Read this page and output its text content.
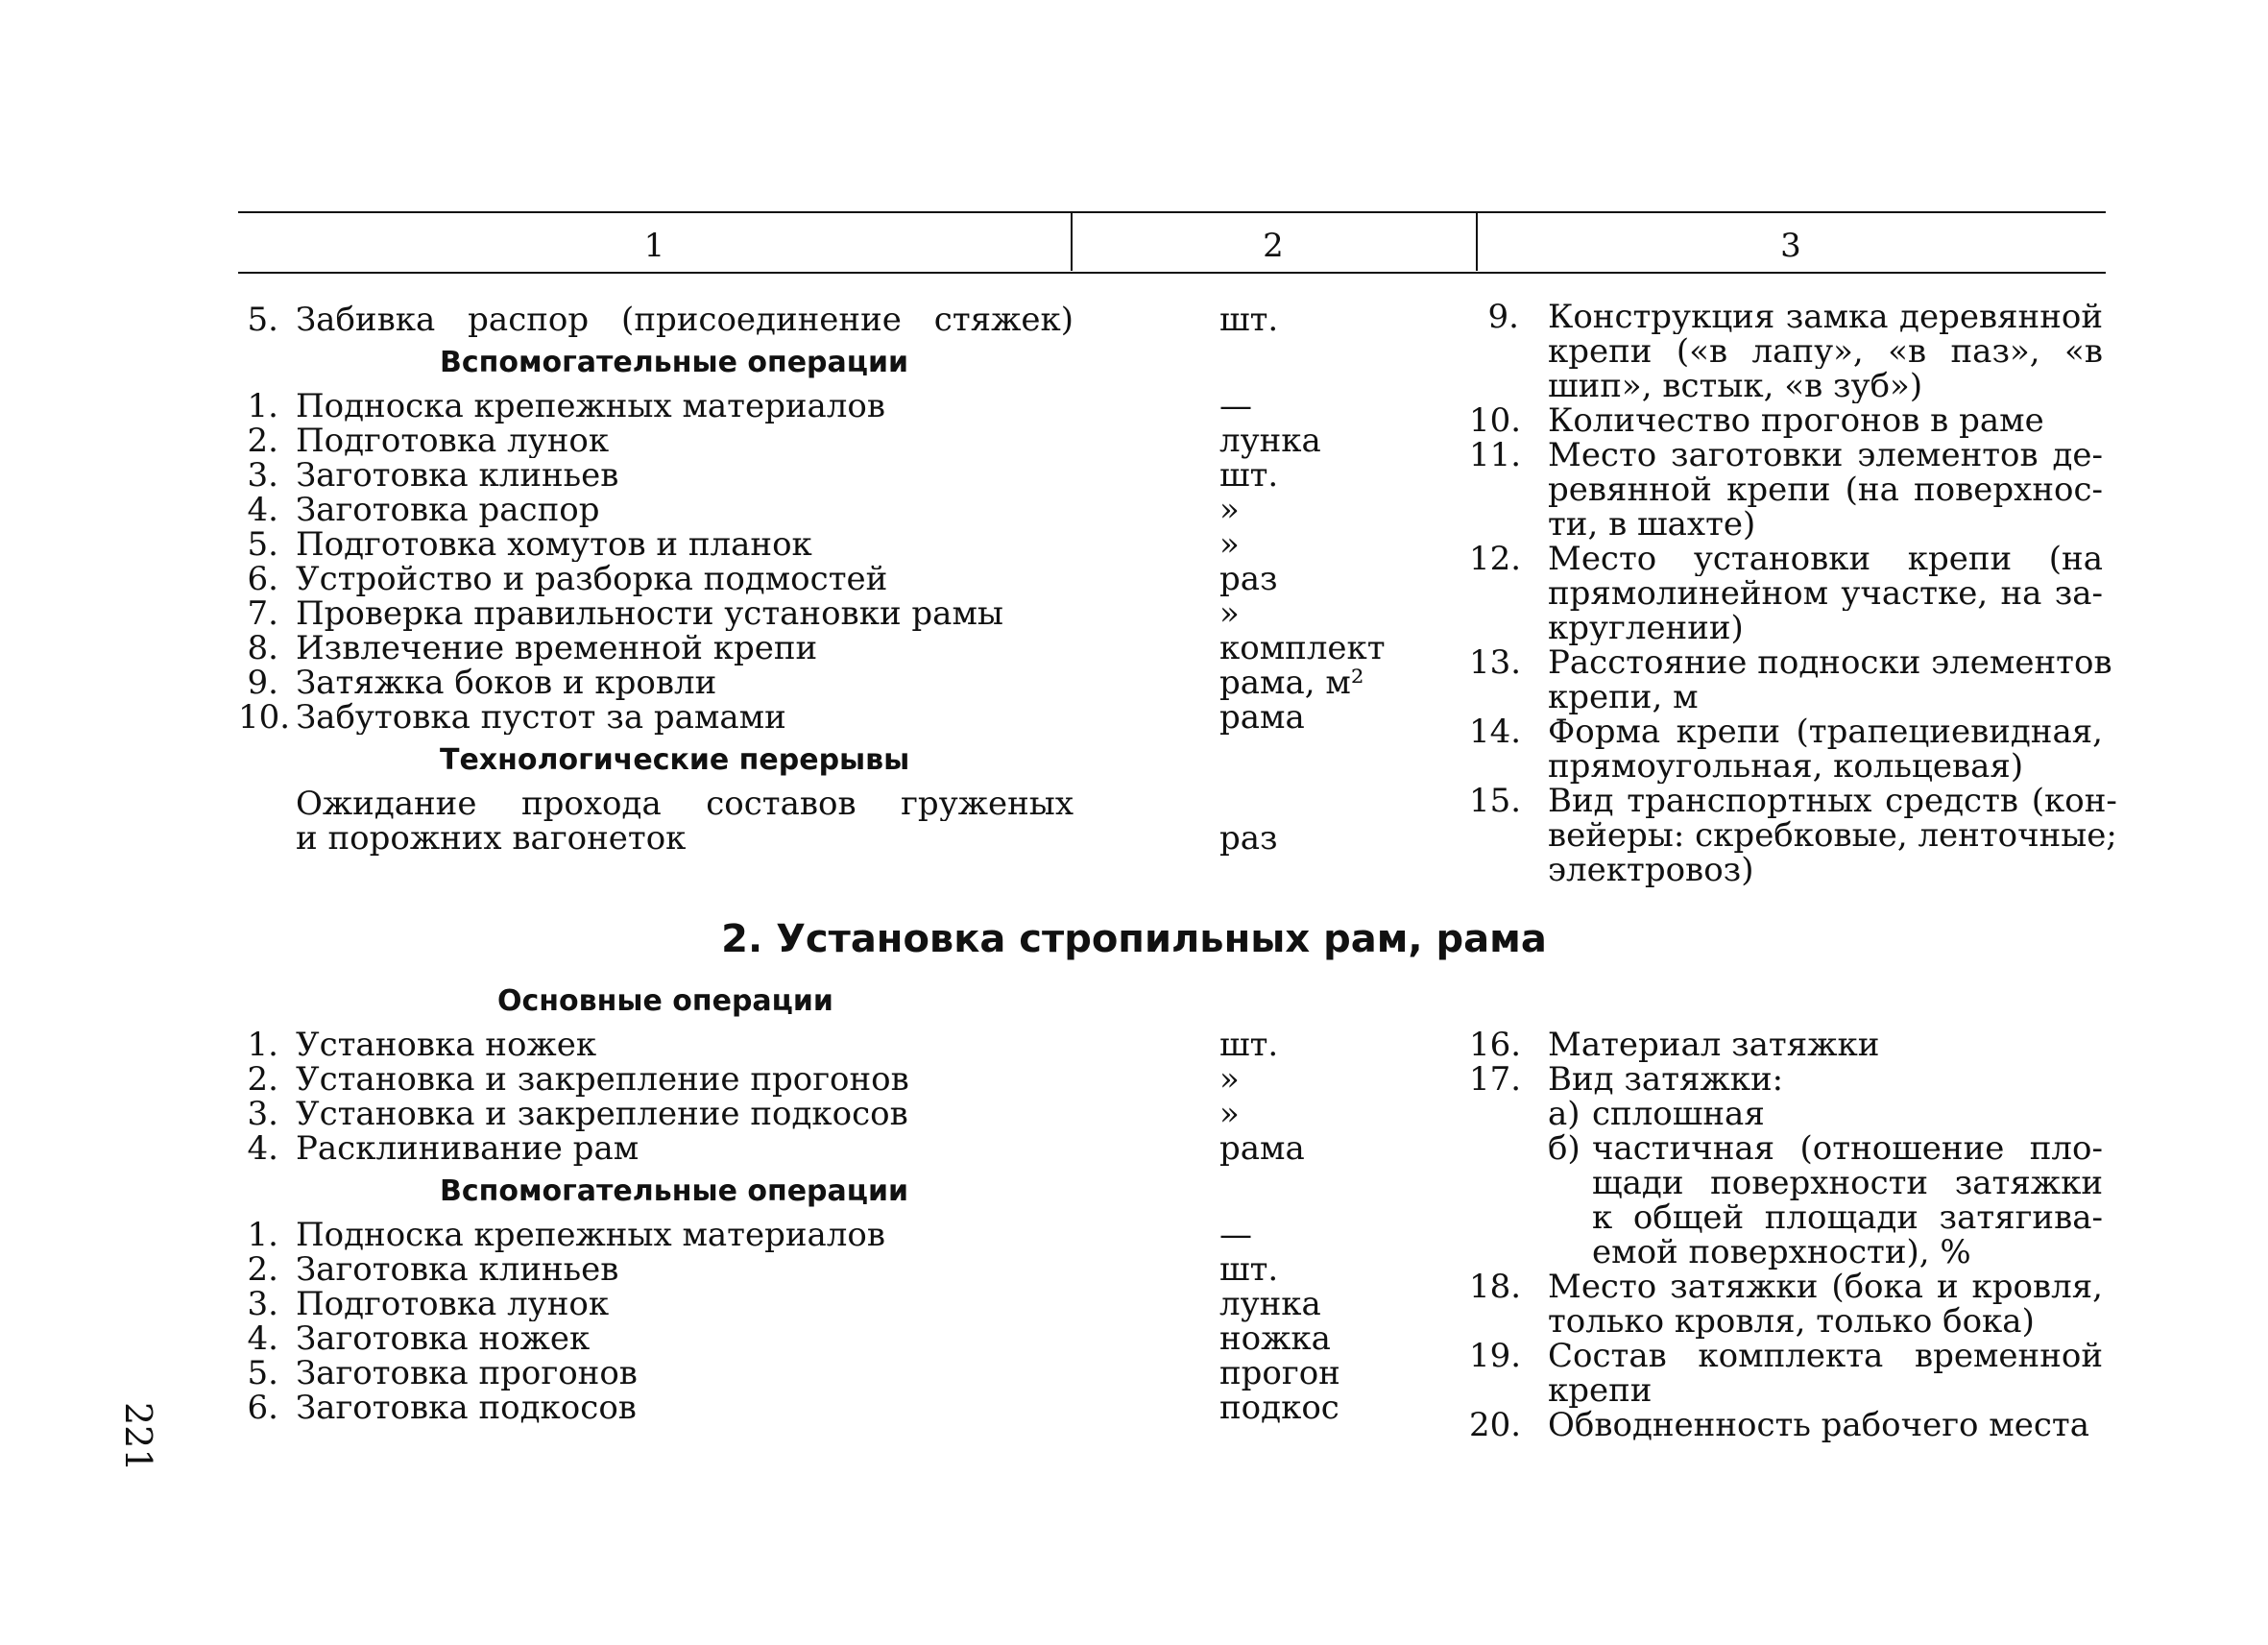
1	2	3
5. Забивка распор (присоединение стяжек)
Вспомогательные операции
1. Подноска крепежных материалов
2. Подготовка лунок
3. Заготовка клиньев
4. Заготовка распор
5. Подготовка хомутов и планок
6. Устройство и разборка подмостей
7. Проверка правильности установки рамы
8. Извлечение временной крепи
9. Затяжка боков и кровли
10. Забутовка пустот за рамами
Технологические перерывы
Ожидание прохода составов груженых
и порожних вагонеток
шт.
—
лунка
шт.
»
»
раз
»
комплект
рама, м²
рама
раз
9. Конструкция замка деревянной
крепи («в лапу», «в паз», «в
шип», встык, «в зуб»)
10. Количество прогонов в раме
11. Место заготовки элементов де-
ревянной крепи (на поверхнос-
ти, в шахте)
12. Место установки крепи (на
прямолинейном участке, на за-
круглении)
13. Расстояние подноски элементов
крепи, м
14. Форма крепи (трапециевидная,
прямоугольная, кольцевая)
15. Вид транспортных средств (кон-
вейеры: скребковые, ленточные;
электровоз)
2. Установка стропильных рам, рама
Основные операции
1. Установка ножек
2. Установка и закрепление прогонов
3. Установка и закрепление подкосов
4. Расклинивание рам
Вспомогательные операции
1. Подноска крепежных материалов
2. Заготовка клиньев
3. Подготовка лунок
4. Заготовка ножек
5. Заготовка прогонов
6. Заготовка подкосов
шт.
»
»
рама
—
шт.
лунка
ножка
прогон
подкос
16. Материал затяжки
17. Вид затяжки:
а) сплошная
б) частичная (отношение пло-
щади поверхности затяжки
к общей площади затягива-
емой поверхности), %
18. Место затяжки (бока и кровля,
только кровля, только бока)
19. Состав комплекта временной
крепи
20. Обводненность рабочего места
221
